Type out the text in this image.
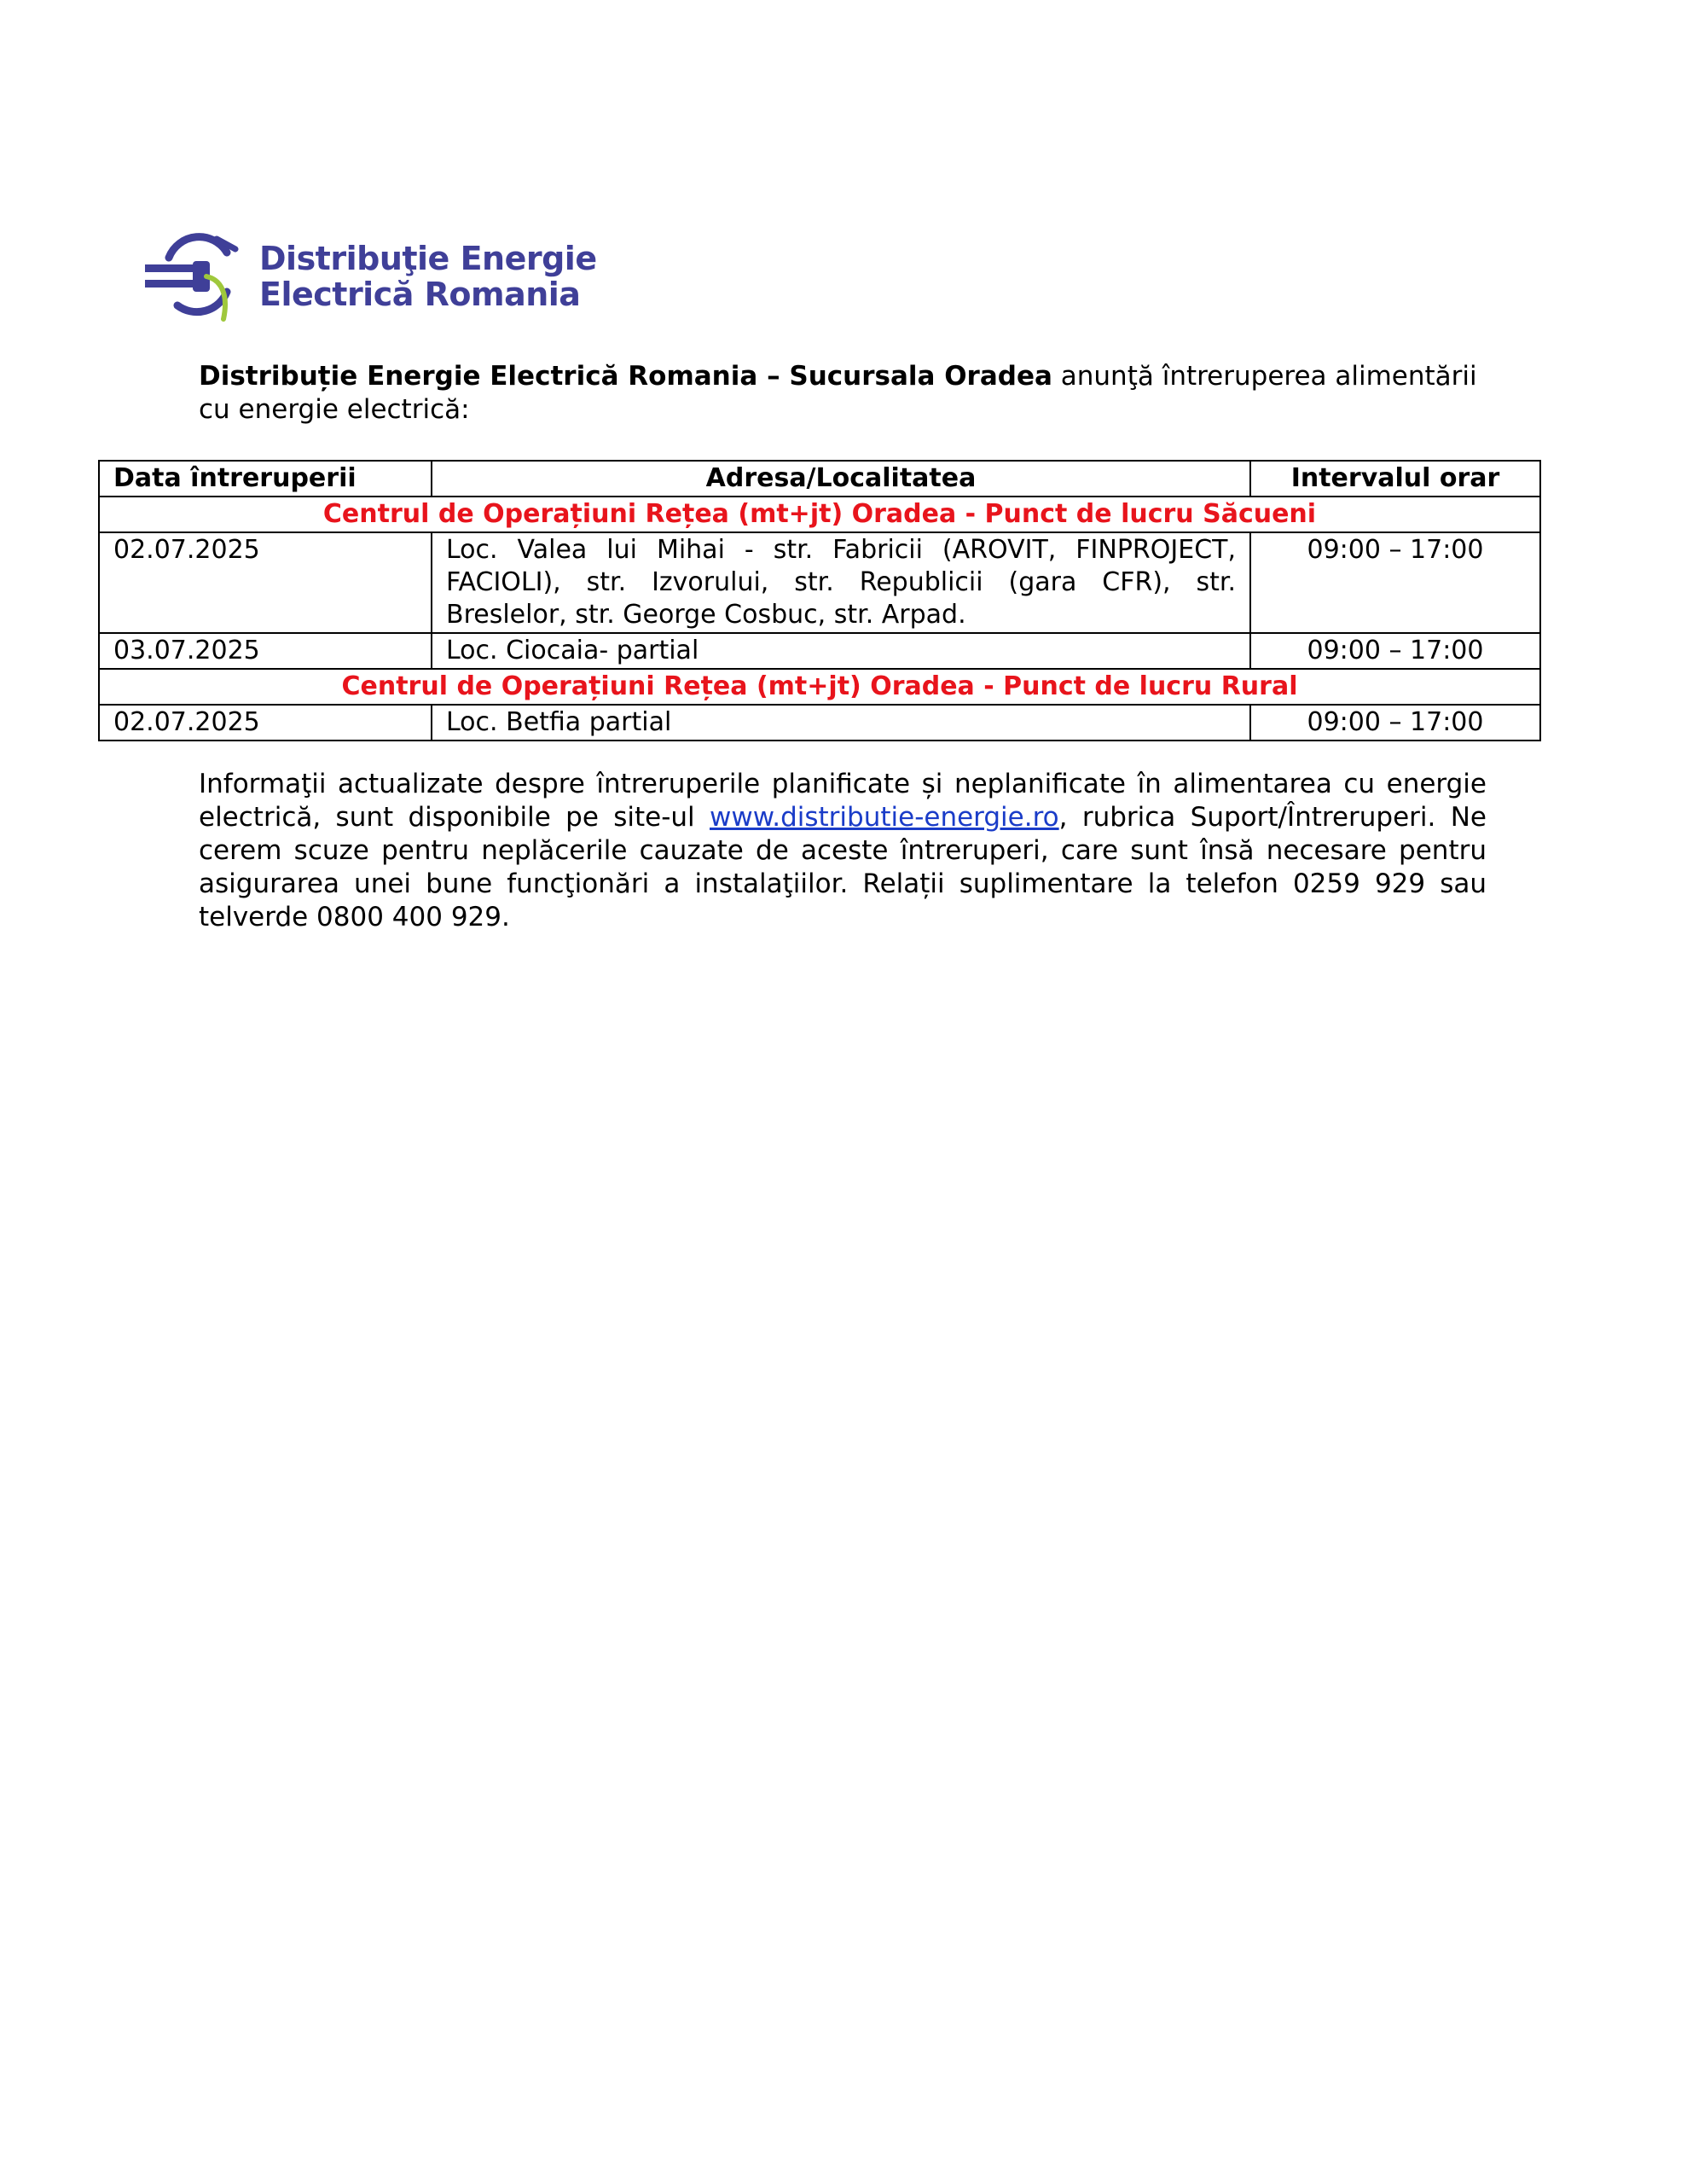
Distribuţie Energie
Electrică Romania
Distribuție Energie Electrică Romania – Sucursala Oradea anunţă întreruperea alimentării cu energie electrică:
Data întreruperii	Adresa/Localitatea	Intervalul orar
Centrul de Operațiuni Rețea (mt+jt) Oradea - Punct de lucru Săcueni		
02.07.2025	Loc. Valea lui Mihai - str. Fabricii (AROVIT, FINPROJECT, FACIOLI), str. Izvorului, str. Republicii (gara CFR), str. Breslelor, str. George Cosbuc, str. Arpad.	09:00 – 17:00
03.07.2025	Loc. Ciocaia- partial	09:00 – 17:00
Centrul de Operațiuni Rețea (mt+jt) Oradea - Punct de lucru Rural		
02.07.2025	Loc. Betfia partial	09:00 – 17:00
Informaţii actualizate despre întreruperile planificate și neplanificate în alimentarea cu energie electrică, sunt disponibile pe site-ul www.distributie-energie.ro, rubrica Suport/Întreruperi. Ne cerem scuze pentru neplăcerile cauzate de aceste întreruperi, care sunt însă necesare pentru asigurarea unei bune funcţionări a instalaţiilor. Relații suplimentare la telefon 0259 929 sau telverde 0800 400 929.
